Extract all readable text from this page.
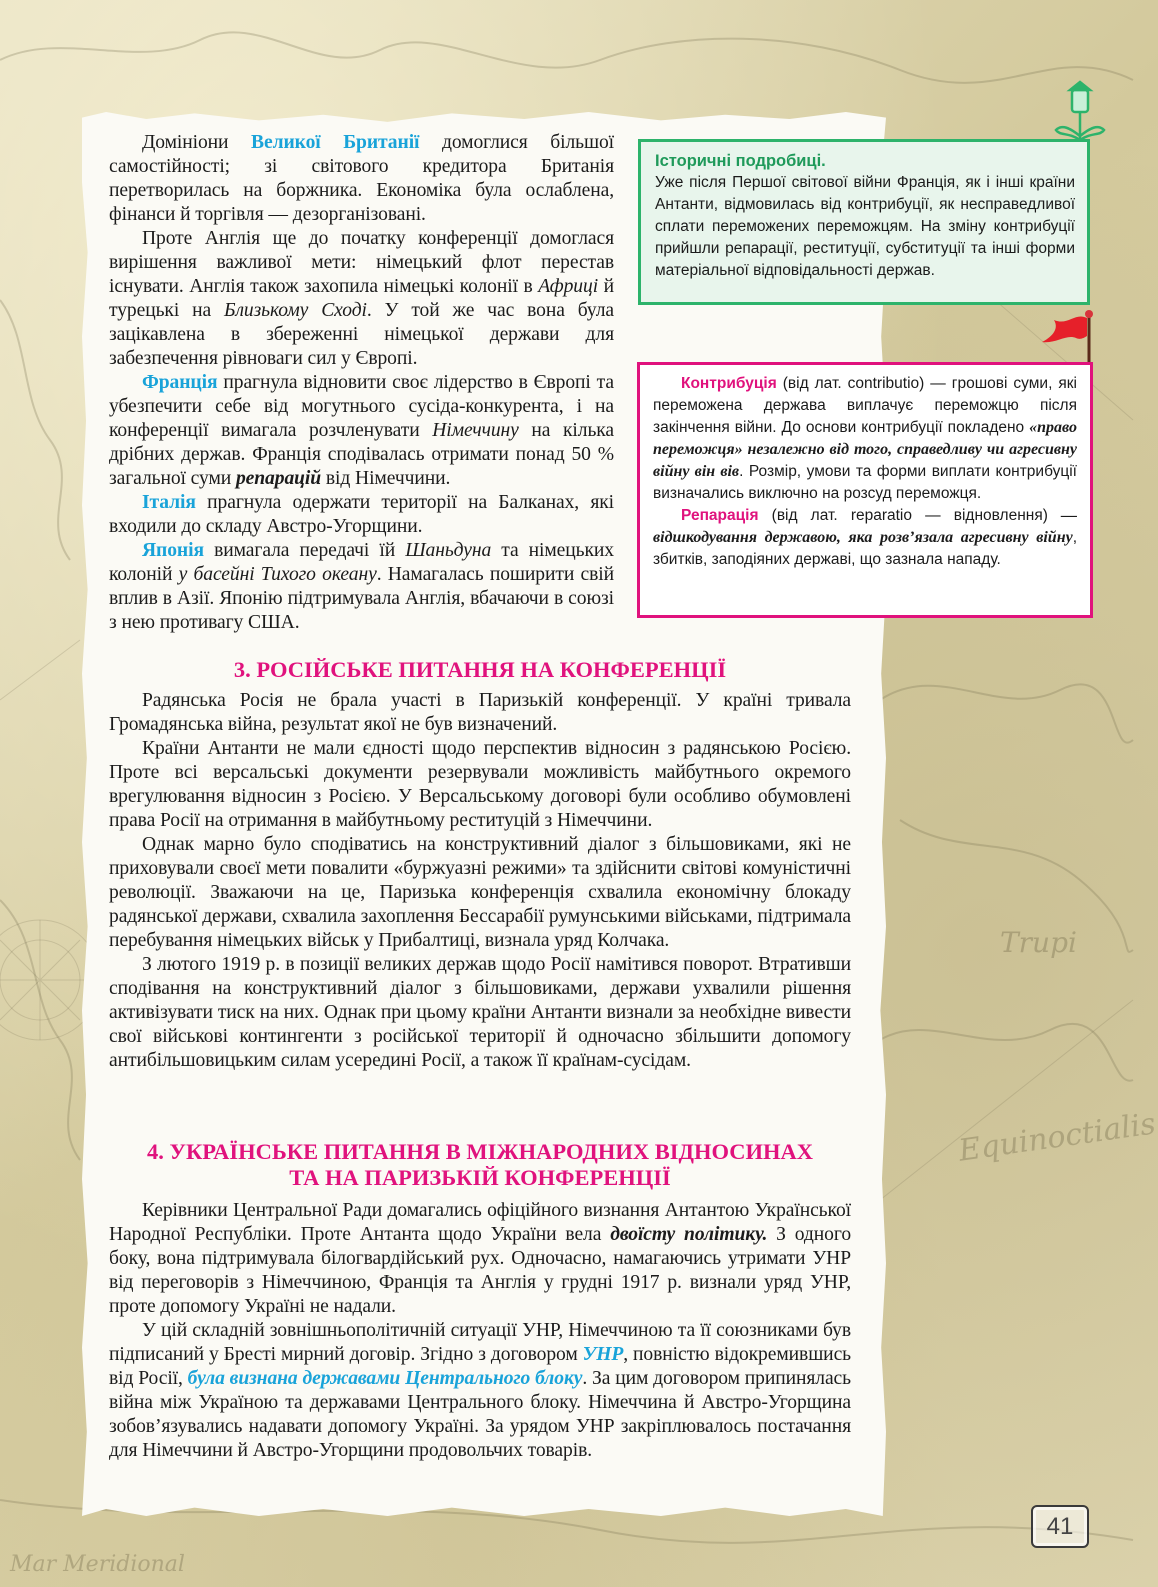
Trupi
Equinoctialis
Mar Meridional

Домініони Великої Британії домоглися більшої самостійності; зі світового кредитора Британія перетворилась на боржника. Економіка була ослаблена, фінанси й торгівля — дезорганізовані.

Проте Англія ще до початку конференції домоглася вирішення важливої мети: німецький флот перестав існувати. Англія також захопила німецькі колонії в Африці й турецькі на Близькому Сході. У той же час вона була зацікавлена в збереженні німецької держави для забезпечення рівноваги сил у Європі.

Франція прагнула відновити своє лідерство в Європі та убезпечити себе від могутнього сусіда-конкурента, і на конференції вимагала розчленувати Німеччину на кілька дрібних держав. Франція сподівалась отримати понад 50 % загальної суми репарацій від Німеччини.

Італія прагнула одержати території на Балканах, які входили до складу Австро-Угорщини.

Японія вимагала передачі їй Шаньдуна та німецьких колоній у басейні Тихого океану. Намагалась поширити свій вплив в Азії. Японію підтримувала Англія, вбачаючи в союзі з нею противагу США.

Історичні подробиці.
Уже після Першої світової війни Франція, як і інші країни Антанти, відмовилась від контрибуції, як несправедливої сплати переможених переможцям. На зміну контрибуції прийшли репарації, реституції, субституції та інші форми матеріальної відповідальності держав.

Контрибуція (від лат. contributio) — грошові суми, які переможена держава виплачує переможцю після закінчення війни. До основи контрибуції покладено «право переможця» незалежно від того, справедливу чи агресивну війну він вів. Розмір, умови та форми виплати контрибуції визначались виключно на розсуд переможця.

Репарація (від лат. reparatio — відновлення) — відшкодування державою, яка розв’язала агресивну війну, збитків, заподіяних державі, що зазнала нападу.

3. РОСІЙСЬКЕ ПИТАННЯ НА КОНФЕРЕНЦІЇ

Радянська Росія не брала участі в Паризькій конференції. У країні тривала Громадянська війна, результат якої не був визначений.

Країни Антанти не мали єдності щодо перспектив відносин з радянською Росією. Проте всі версальські документи резервували можливість майбутнього окремого врегулювання відносин з Росією. У Версальському договорі були особливо обумовлені права Росії на отримання в майбутньому реституцій з Німеччини.

Однак марно було сподіватись на конструктивний діалог з більшовиками, які не приховували своєї мети повалити «буржуазні режими» та здійснити світові комуністичні революції. Зважаючи на це, Паризька конференція схвалила економічну блокаду радянської держави, схвалила захоплення Бессарабії румунськими військами, підтримала перебування німецьких військ у Прибалтиці, визнала уряд Колчака.

З лютого 1919 р. в позиції великих держав щодо Росії намітився поворот. Втративши сподівання на конструктивний діалог з більшовиками, держави ухвалили рішення активізувати тиск на них. Однак при цьому країни Антанти визнали за необхідне вивести свої військові контингенти з російської території й одночасно збільшити допомогу антибільшовицьким силам усередині Росії, а також її країнам-сусідам.

4. УКРАЇНСЬКЕ ПИТАННЯ В МІЖНАРОДНИХ ВІДНОСИНАХ
ТА НА ПАРИЗЬКІЙ КОНФЕРЕНЦІЇ

Керівники Центральної Ради домагались офіційного визнання Антантою Української Народної Республіки. Проте Антанта щодо України вела двоїсту політику. З одного боку, вона підтримувала білогвардійський рух. Одночасно, намагаючись утримати УНР від переговорів з Німеччиною, Франція та Англія у грудні 1917 р. визнали уряд УНР, проте допомогу Україні не надали.

У цій складній зовнішньополітичній ситуації УНР, Німеччиною та її союзниками був підписаний у Бресті мирний договір. Згідно з договором УНР, повністю відокремившись від Росії, була визнана державами Центрального блоку. За цим договором припинялась війна між Україною та державами Центрального блоку. Німеччина й Австро-Угорщина зобов’язувались надавати допомогу Україні. За урядом УНР закріплювалось постачання для Німеччини й Австро-Угорщини продовольчих товарів.

41
